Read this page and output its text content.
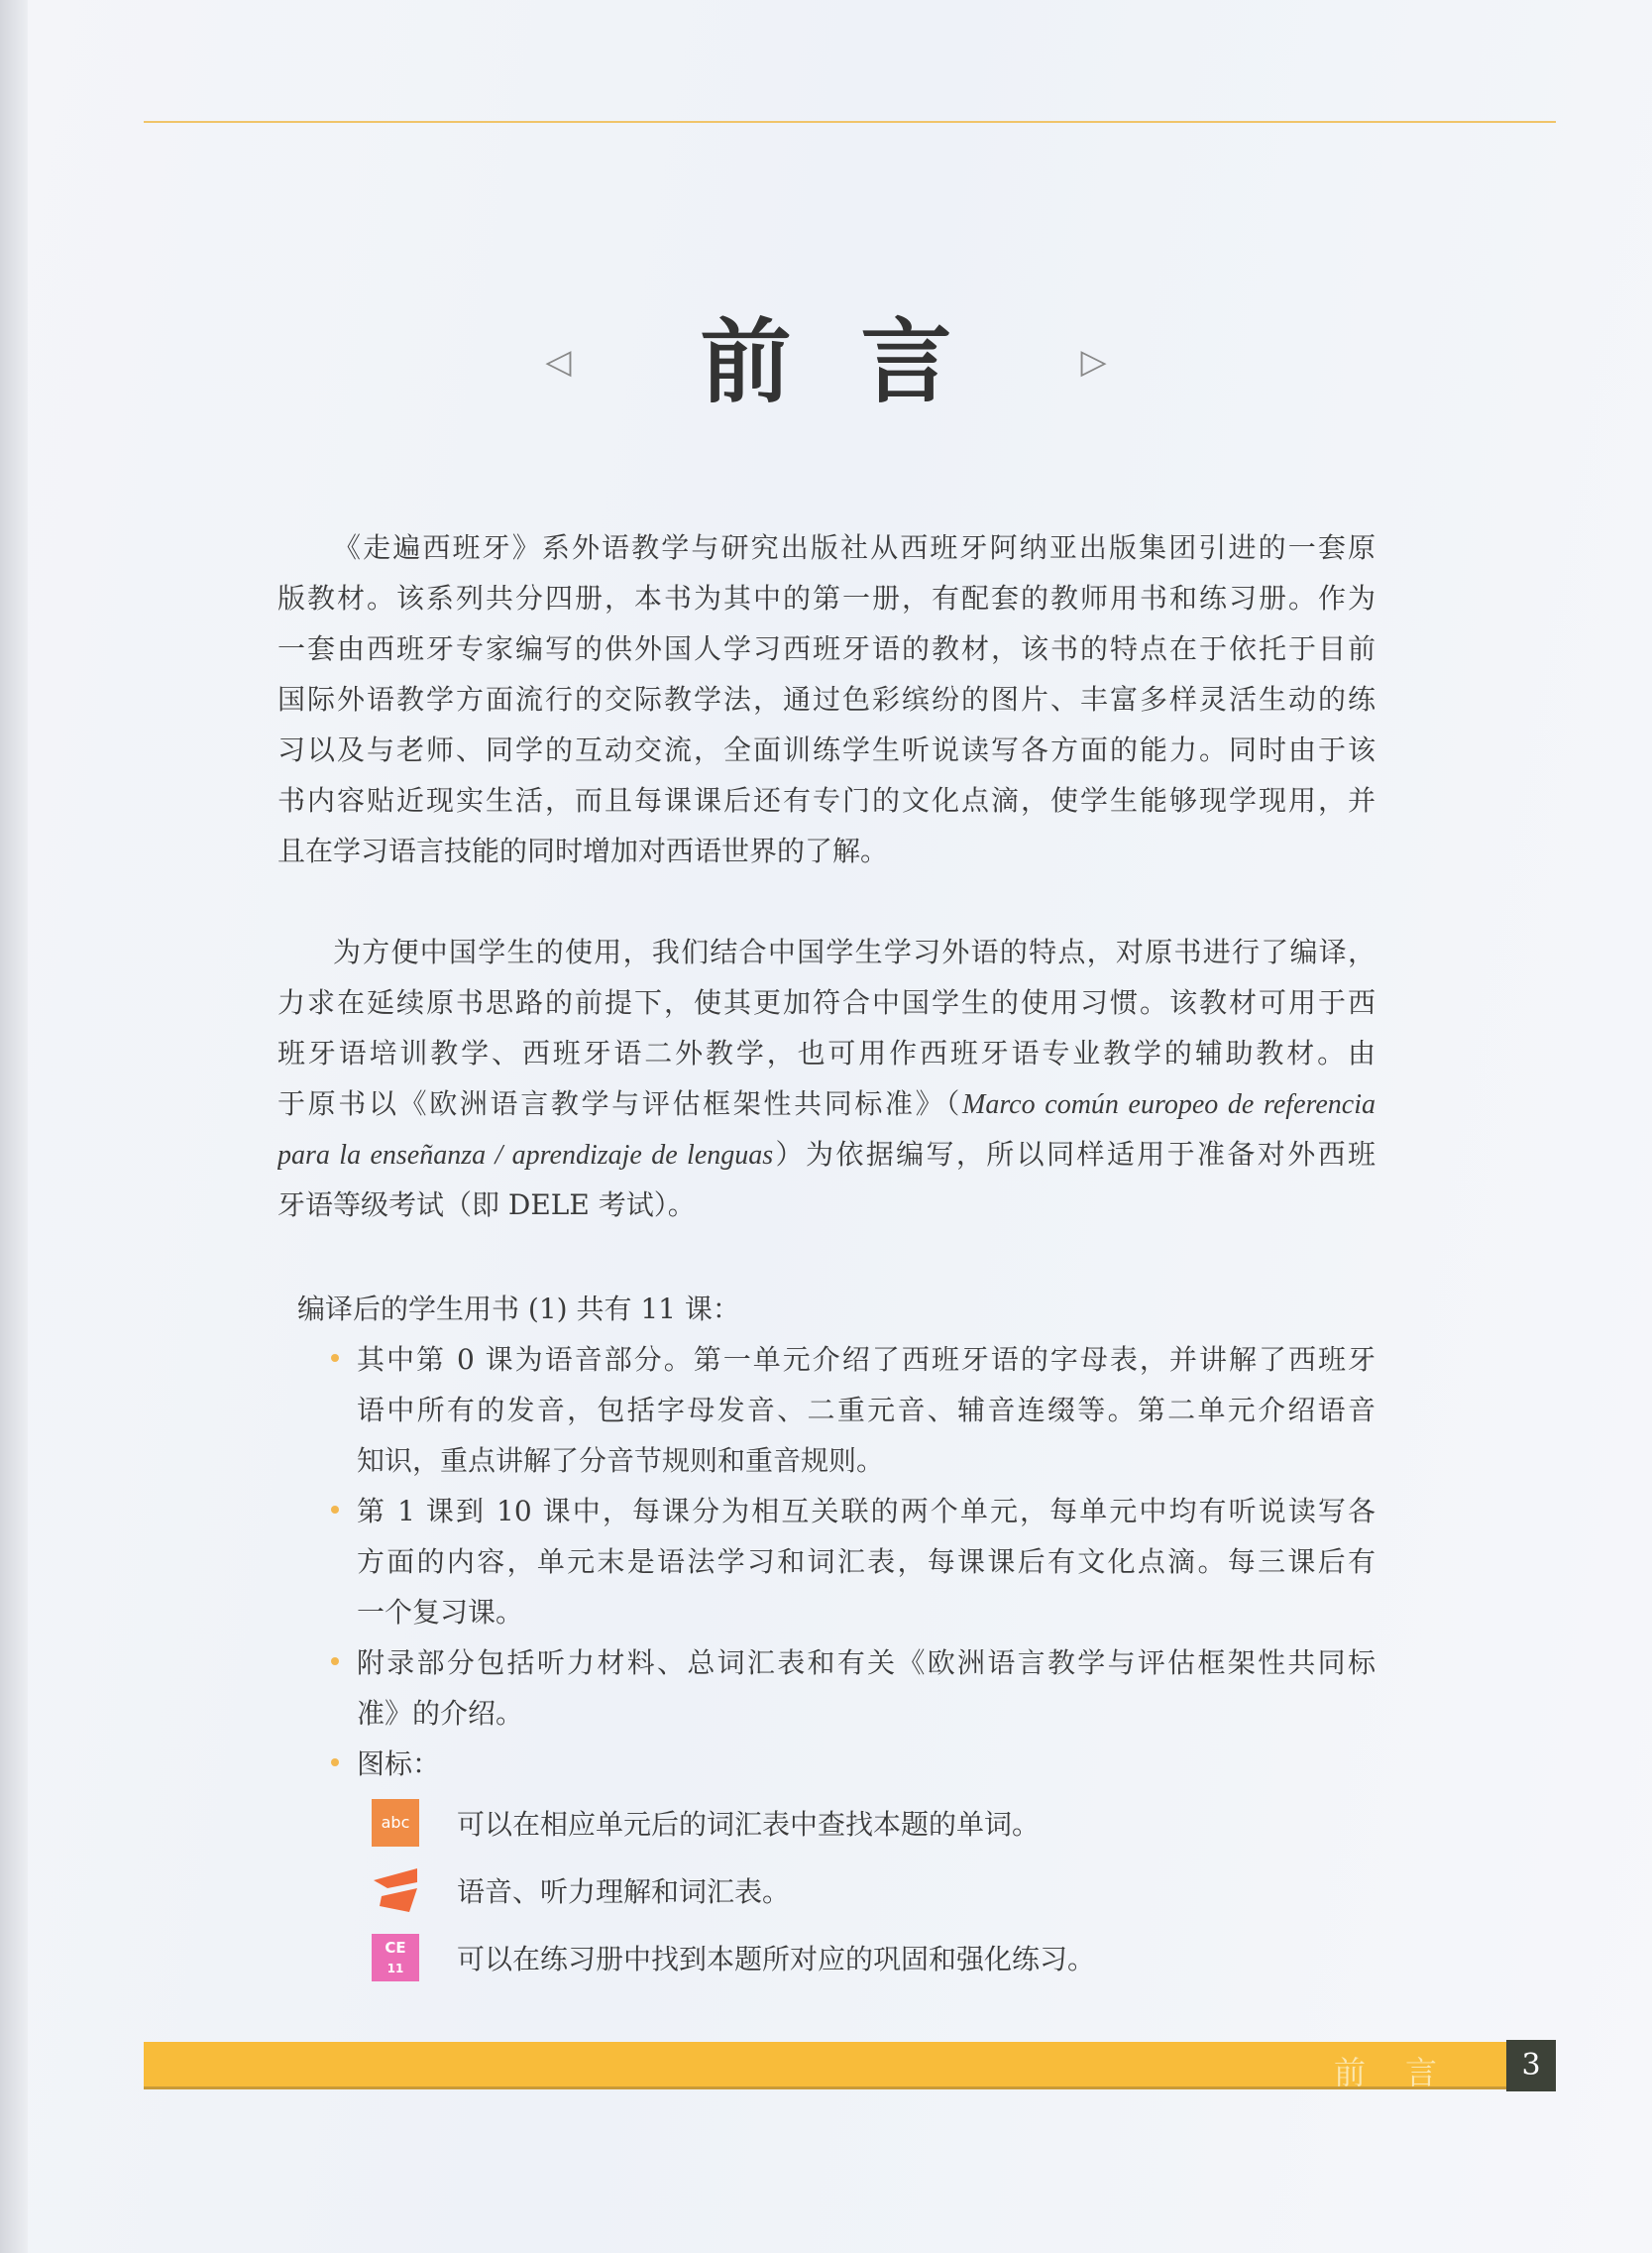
◁	前言 ▷
《走遍西班牙》系外语教学与研究出版社从西班牙阿纳亚出版集团引进的一套原
版教材。该系列共分四册，本书为其中的第一册，有配套的教师用书和练习册。作为
一套由西班牙专家编写的供外国人学习西班牙语的教材，该书的特点在于依托于目前
国际外语教学方面流行的交际教学法，通过色彩缤纷的图片、丰富多样灵活生动的练
习以及与老师、同学的互动交流，全面训练学生听说读写各方面的能力。同时由于该
书内容贴近现实生活，而且每课课后还有专门的文化点滴，使学生能够现学现用，并
且在学习语言技能的同时增加对西语世界的了解。
为方便中国学生的使用，我们结合中国学生学习外语的特点，对原书进行了编译，
力求在延续原书思路的前提下，使其更加符合中国学生的使用习惯。该教材可用于西
班牙语培训教学、西班牙语二外教学，也可用作西班牙语专业教学的辅助教材。由
于原书以《欧洲语言教学与评估框架性共同标准》（Marco común europeo de referencia
para la enseñanza / aprendizaje de lenguas）为依据编写，所以同样适用于准备对外西班
牙语等级考试（即 DELE 考试）。
编译后的学生用书 (1) 共有 11 课：
其中第 0 课为语音部分。第一单元介绍了西班牙语的字母表，并讲解了西班牙
语中所有的发音，包括字母发音、二重元音、辅音连缀等。第二单元介绍语音
知识，重点讲解了分音节规则和重音规则。
第 1 课到 10 课中，每课分为相互关联的两个单元，每单元中均有听说读写各
方面的内容，单元末是语法学习和词汇表，每课课后有文化点滴。每三课后有
一个复习课。
附录部分包括听力材料、总词汇表和有关《欧洲语言教学与评估框架性共同标
准》的介绍。
图标：
abc	可以在相应单元后的词汇表中查找本题的单词。
语音、听力理解和词汇表。
CE
11	可以在练习册中找到本题所对应的巩固和强化练习。
前言	3
